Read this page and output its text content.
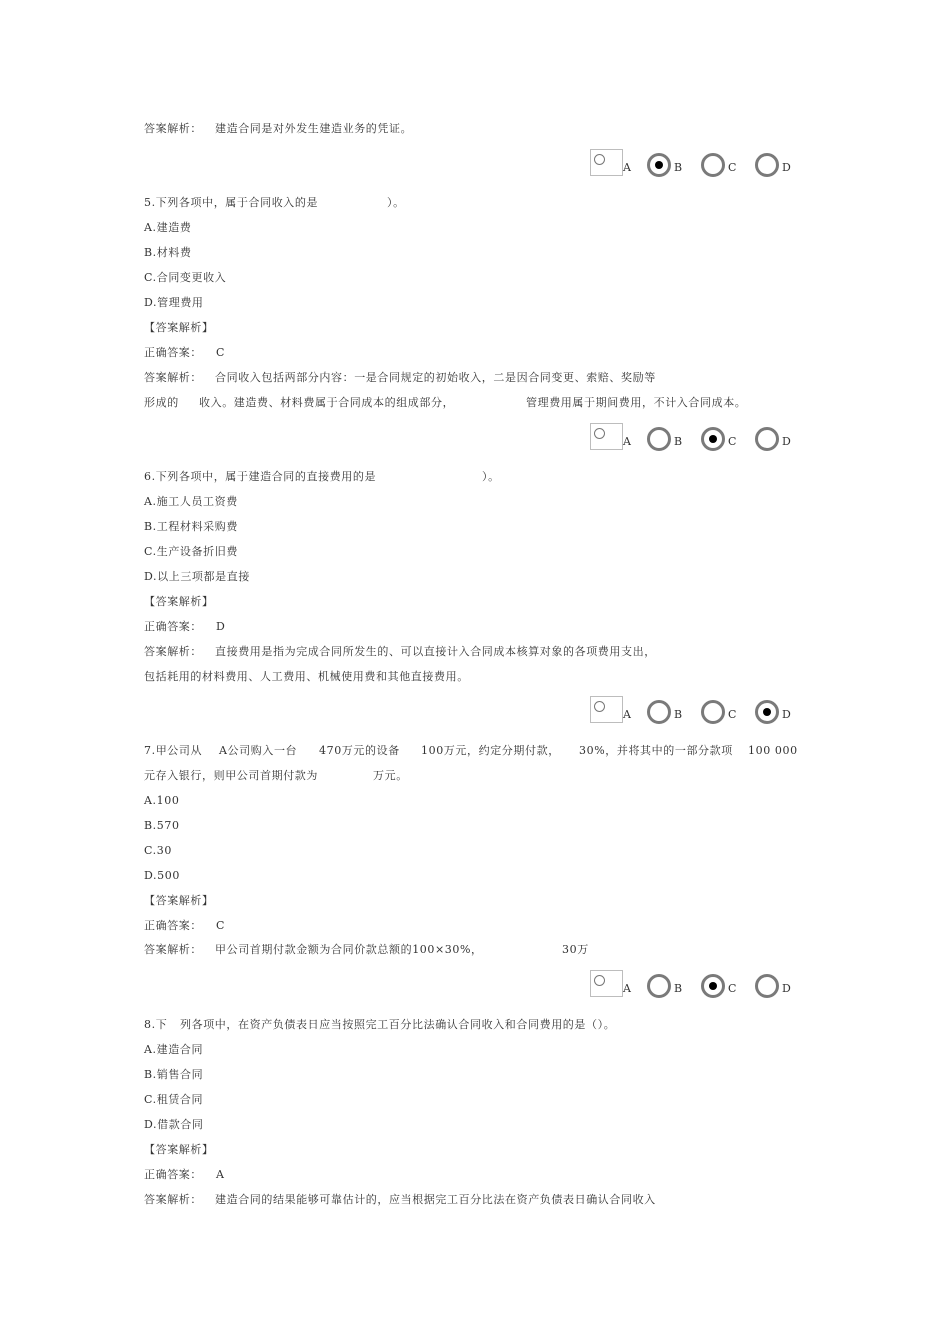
答案解析： 建造合同是对外发生建造业务的凭证。
5.下列各项中，属于合同收入的是	）。
A.建造费
B.材料费
C.合同变更收入
D.管理费用
【答案解析】
正确答案： C
答案解析： 合同收入包括两部分内容：一是合同规定的初始收入，二是因合同变更、索赔、奖励等
形成的 收入。建造费、材料费属于合同成本的组成部分，	管理费用属于期间费用，不计入合同成本。
6.下列各项中，属于建造合同的直接费用的是	）。
A.施工人员工资费
B.工程材料采购费
C.生产设备折旧费
D.以上三项都是直接
【答案解析】
正确答案： D
答案解析： 直接费用是指为完成合同所发生的、可以直接计入合同成本核算对象的各项费用支出，
包括耗用的材料费用、人工费用、机械使用费和其他直接费用。
7.甲公司从 A公司购入一台 470万元的设备 100万元，约定分期付款， 30%，并将其中的一部分款项 100 000
元存入银行，则甲公司首期付款为	万元。
A.100
B.570
C.30
D.500
【答案解析】
正确答案： C
答案解析： 甲公司首期付款金额为合同价款总额的100×30%，	30万
8.下 列各项中，在资产负债表日应当按照完工百分比法确认合同收入和合同费用的是（）。
A.建造合同
B.销售合同
C.租赁合同
D.借款合同
【答案解析】
正确答案： A
答案解析： 建造合同的结果能够可靠估计的，应当根据完工百分比法在资产负债表日确认合同收入
A	B	C	D
A	B	C	D
A	B	C	D
A	B	C	D
